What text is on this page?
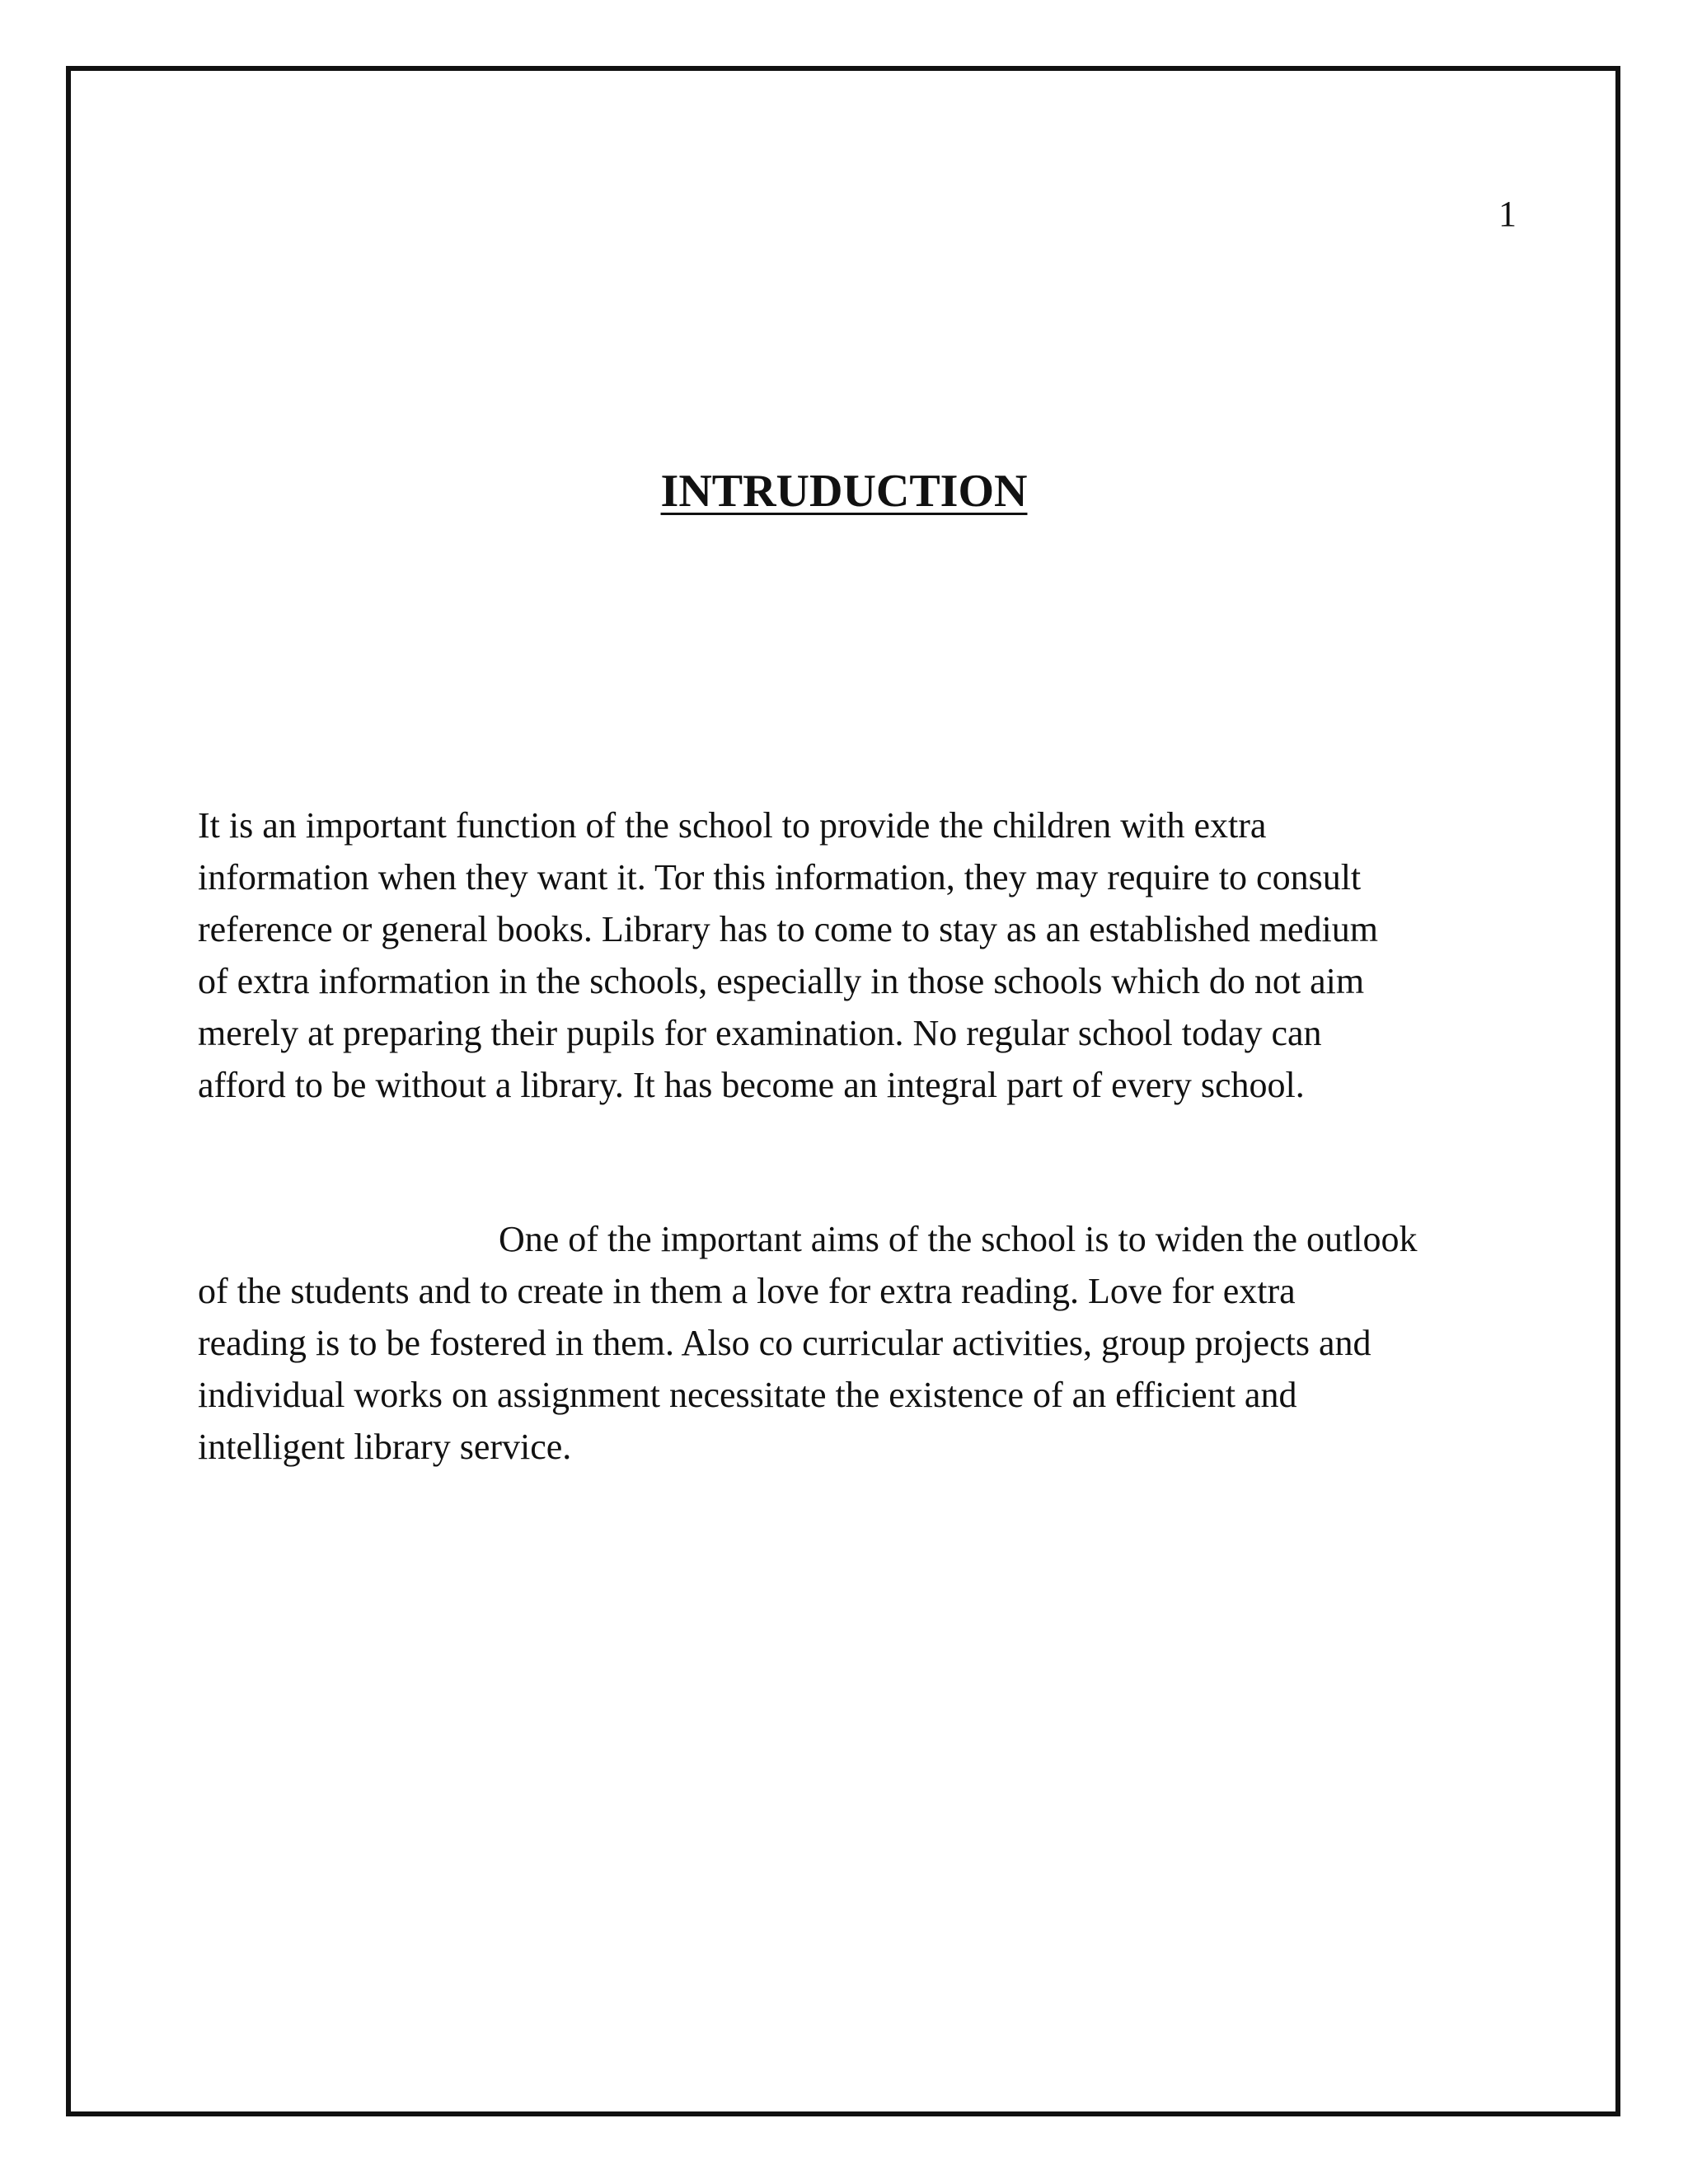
1
INTRUDUCTION

It is an important function of the school to provide the children with extra
information when they want it. Tor this information, they may require to consult
reference or general books. Library has to come to stay as an established medium
of extra information in the schools, especially in those schools which do not aim
merely at preparing their pupils for examination. No regular school today can
afford to be without a library. It has become an integral part of every school.

One of the important aims of the school is to widen the outlook
of the students and to create in them a love for extra reading. Love for extra
reading is to be fostered in them. Also co curricular activities, group projects and
individual works on assignment necessitate the existence of an efficient and
intelligent library service.
